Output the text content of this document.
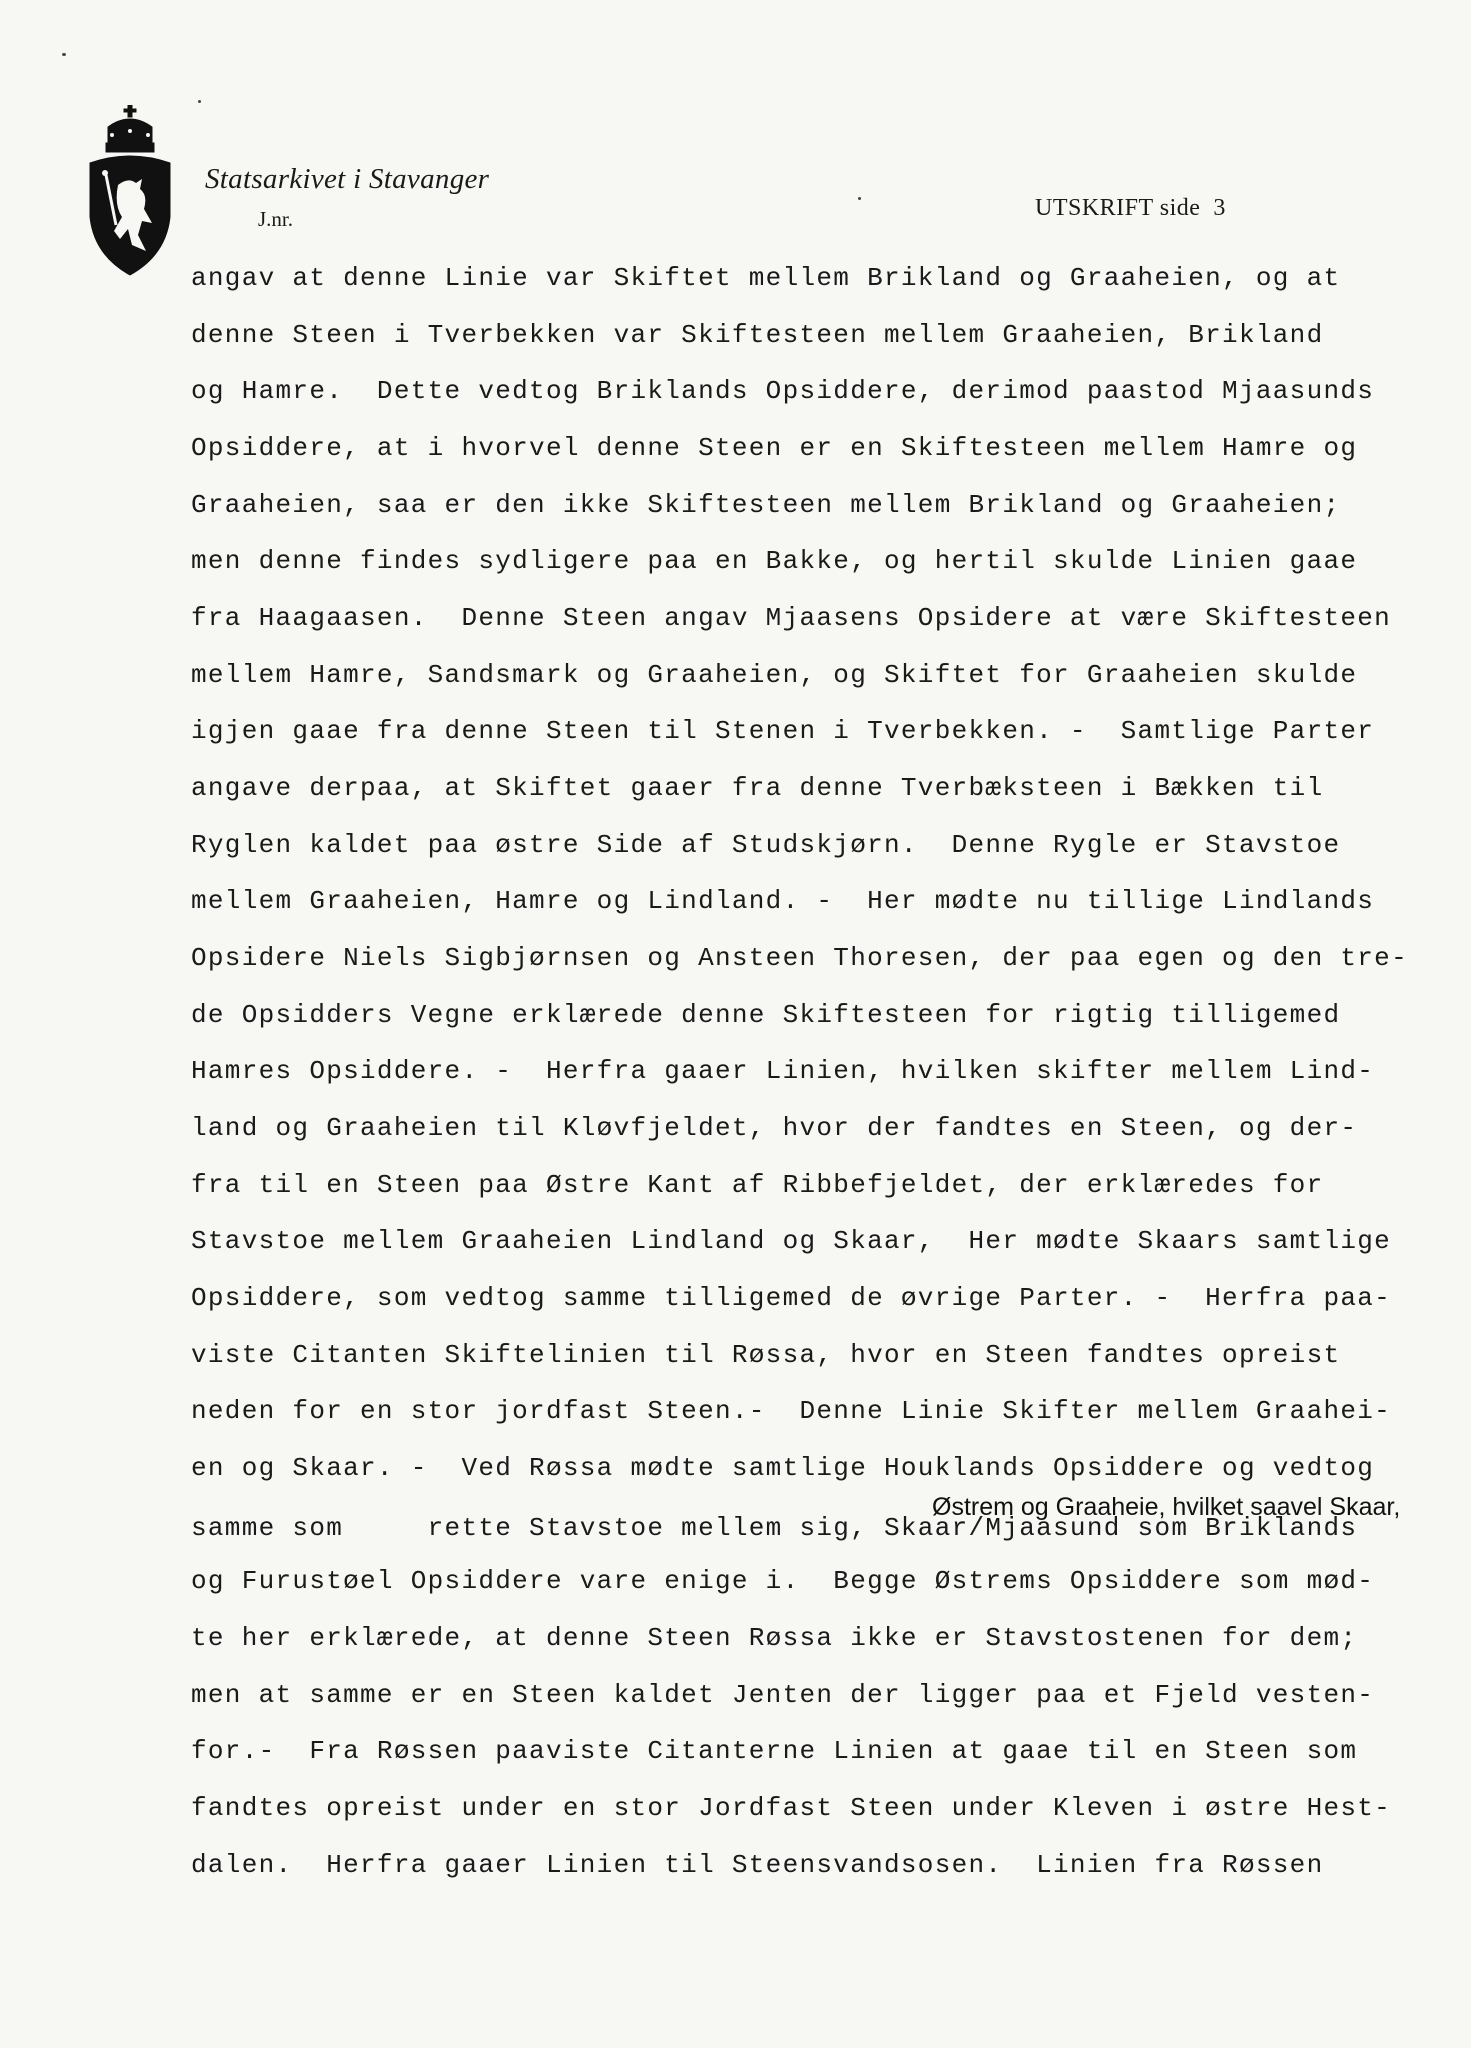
Statsarkivet i Stavanger
J.nr.	UTSKRIFT side  3
angav at denne Linie var Skiftet mellem Brikland og Graaheien, og at
denne Steen i Tverbekken var Skiftesteen mellem Graaheien, Brikland
og Hamre.  Dette vedtog Briklands Opsiddere, derimod paastod Mjaasunds
Opsiddere, at i hvorvel denne Steen er en Skiftesteen mellem Hamre og
Graaheien, saa er den ikke Skiftesteen mellem Brikland og Graaheien;
men denne findes sydligere paa en Bakke, og hertil skulde Linien gaae
fra Haagaasen.  Denne Steen angav Mjaasens Opsidere at være Skiftesteen
mellem Hamre, Sandsmark og Graaheien, og Skiftet for Graaheien skulde
igjen gaae fra denne Steen til Stenen i Tverbekken. -  Samtlige Parter
angave derpaa, at Skiftet gaaer fra denne Tverbæksteen i Bækken til
Ryglen kaldet paa østre Side af Studskjørn.  Denne Rygle er Stavstoe
mellem Graaheien, Hamre og Lindland. -  Her mødte nu tillige Lindlands
Opsidere Niels Sigbjørnsen og Ansteen Thoresen, der paa egen og den tre-
de Opsidders Vegne erklærede denne Skiftesteen for rigtig tilligemed
Hamres Opsiddere. -  Herfra gaaer Linien, hvilken skifter mellem Lind-
land og Graaheien til Kløvfjeldet, hvor der fandtes en Steen, og der-
fra til en Steen paa Østre Kant af Ribbefjeldet, der erklæredes for
Stavstoe mellem Graaheien Lindland og Skaar,  Her mødte Skaars samtlige
Opsiddere, som vedtog samme tilligemed de øvrige Parter. -  Herfra paa-
viste Citanten Skiftelinien til Røssa, hvor en Steen fandtes opreist
neden for en stor jordfast Steen.-  Denne Linie Skifter mellem Graahei-
en og Skaar. -  Ved Røssa mødte samtlige Houklands Opsiddere og vedtog
samme som     rette Stavstoe mellem sig, Skaar/Mjaasund som Briklands
og Furustøel Opsiddere vare enige i.  Begge Østrems Opsiddere som mød-
te her erklærede, at denne Steen Røssa ikke er Stavstostenen for dem;
men at samme er en Steen kaldet Jenten der ligger paa et Fjeld vesten-
for.-  Fra Røssen paaviste Citanterne Linien at gaae til en Steen som
fandtes opreist under en stor Jordfast Steen under Kleven i østre Hest-
dalen.  Herfra gaaer Linien til Steensvandsosen.  Linien fra Røssen
Østrem og Graaheie, hvilket saavel Skaar,
